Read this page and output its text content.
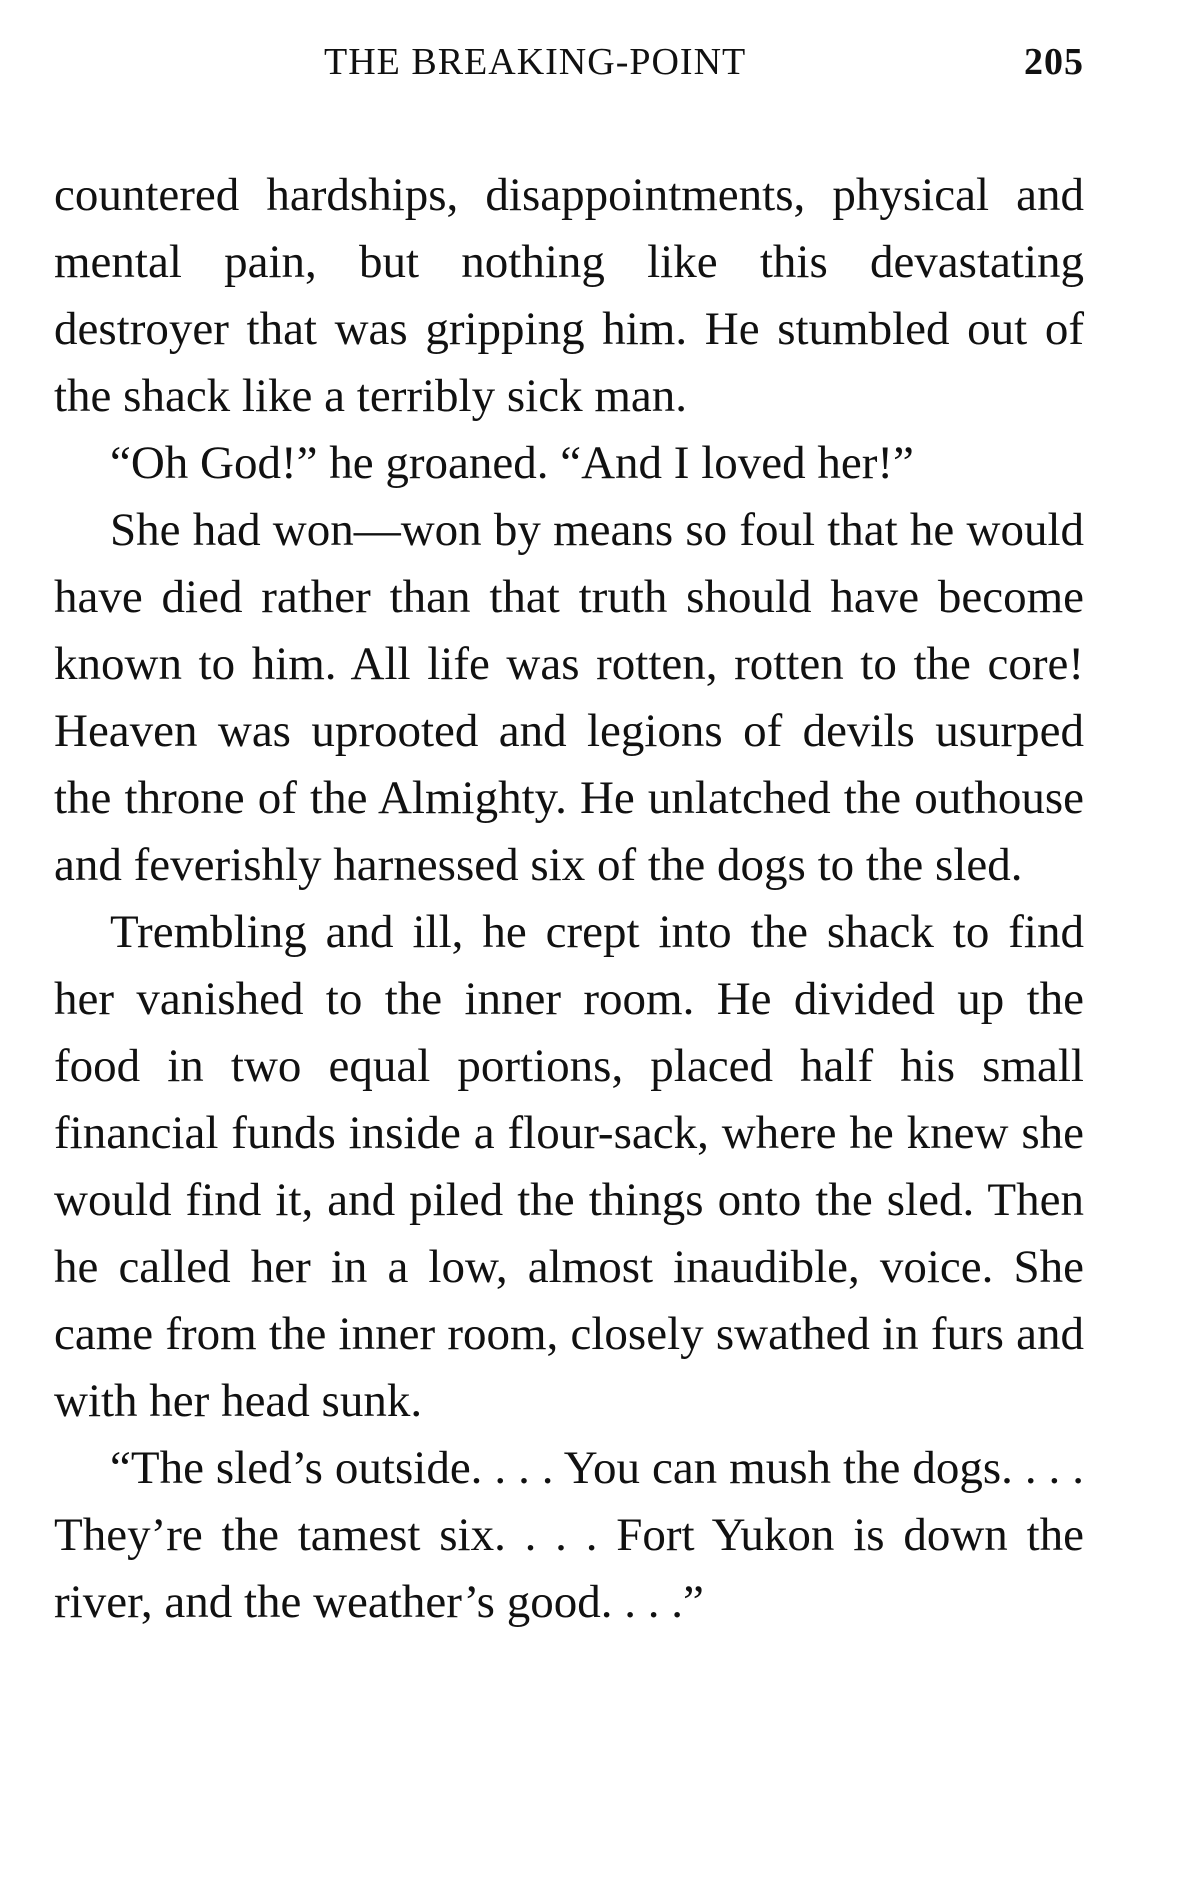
THE BREAKING-POINT	205

countered hardships, disappointments, physical and mental pain, but nothing like this devastating destroyer that was gripping him. He stumbled out of the shack like a terribly sick man.

“Oh God!” he groaned. “And I loved her!”

She had won—won by means so foul that he would have died rather than that truth should have become known to him. All life was rotten, rotten to the core! Heaven was uprooted and legions of devils usurped the throne of the Almighty. He unlatched the outhouse and feverishly harnessed six of the dogs to the sled.

Trembling and ill, he crept into the shack to find her vanished to the inner room. He divided up the food in two equal portions, placed half his small financial funds inside a flour-sack, where he knew she would find it, and piled the things onto the sled. Then he called her in a low, almost inaudible, voice. She came from the inner room, closely swathed in furs and with her head sunk.

“The sled’s outside. . . . You can mush the dogs. . . . They’re the tamest six. . . . Fort Yukon is down the river, and the weather’s good. . . .”
